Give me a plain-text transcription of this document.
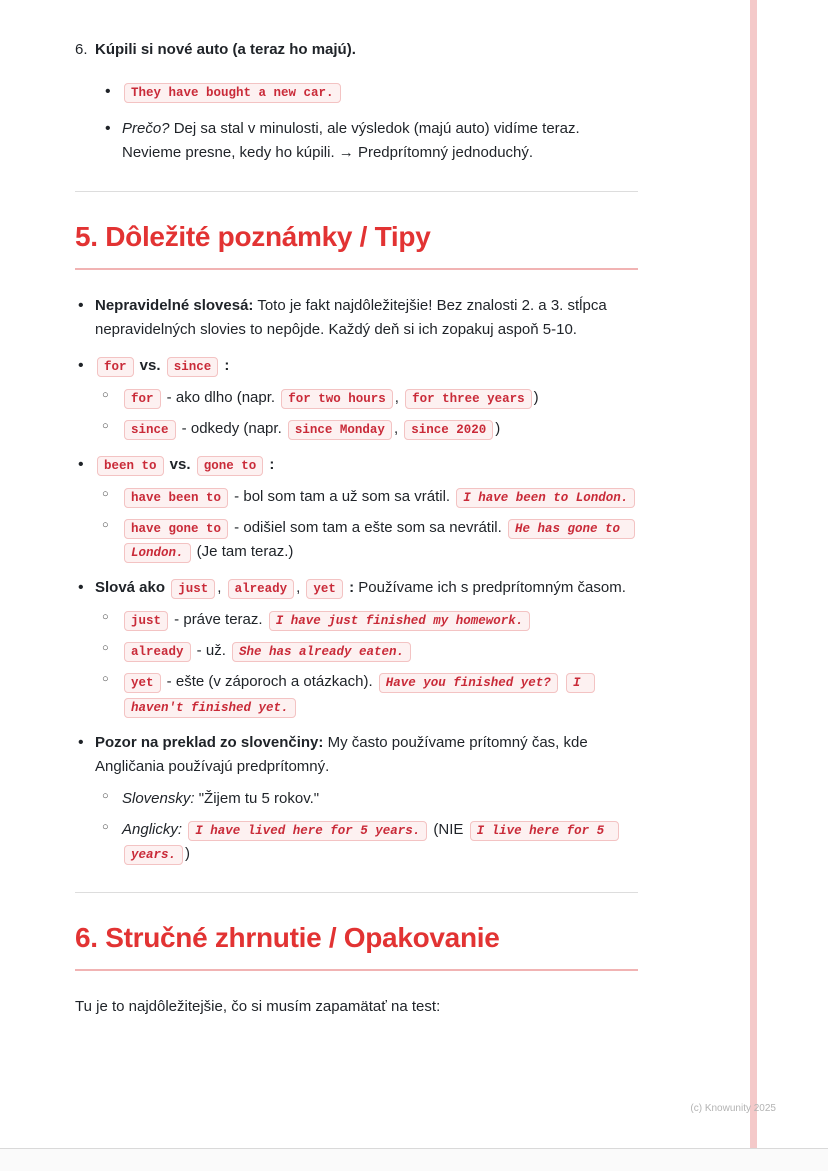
6. Kúpili si nové auto (a teraz ho majú).
• They have bought a new car.
• Prečo? Dej sa stal v minulosti, ale výsledok (majú auto) vidíme teraz. Nevieme presne, kedy ho kúpili. → Predprítomný jednoduchý.
5. Dôležité poznámky / Tipy
• Nepravidelné slovesá: Toto je fakt najdôležitejšie! Bez znalosti 2. a 3. stĺpca nepravidelných slovies to nepôjde. Každý deň si ich zopakuj aspoň 5-10.
• for vs. since :
○ for - ako dlho (napr. for two hours , for three years )
○ since - odkedy (napr. since Monday , since 2020 )
• been to vs. gone to :
○ have been to - bol som tam a už som sa vrátil. I have been to London.
○ have gone to - odišiel som tam a ešte som sa nevrátil. He has gone to London. (Je tam teraz.)
• Slová ako just , already , yet : Používame ich s predprítomným časom.
○ just - práve teraz. I have just finished my homework.
○ already - už. She has already eaten.
○ yet - ešte (v záporoch a otázkach). Have you finished yet? I haven't finished yet.
• Pozor na preklad zo slovenčiny: My často používame prítomný čas, kde Angličania používajú predprítomný.
○ Slovensky: "Žijem tu 5 rokov."
○ Anglicky: I have lived here for 5 years. (NIE I live here for 5 years. )
6. Stručné zhrnutie / Opakovanie

Tu je to najdôležitejšie, čo si musím zapamätať na test:

(c) Knowunity 2025
